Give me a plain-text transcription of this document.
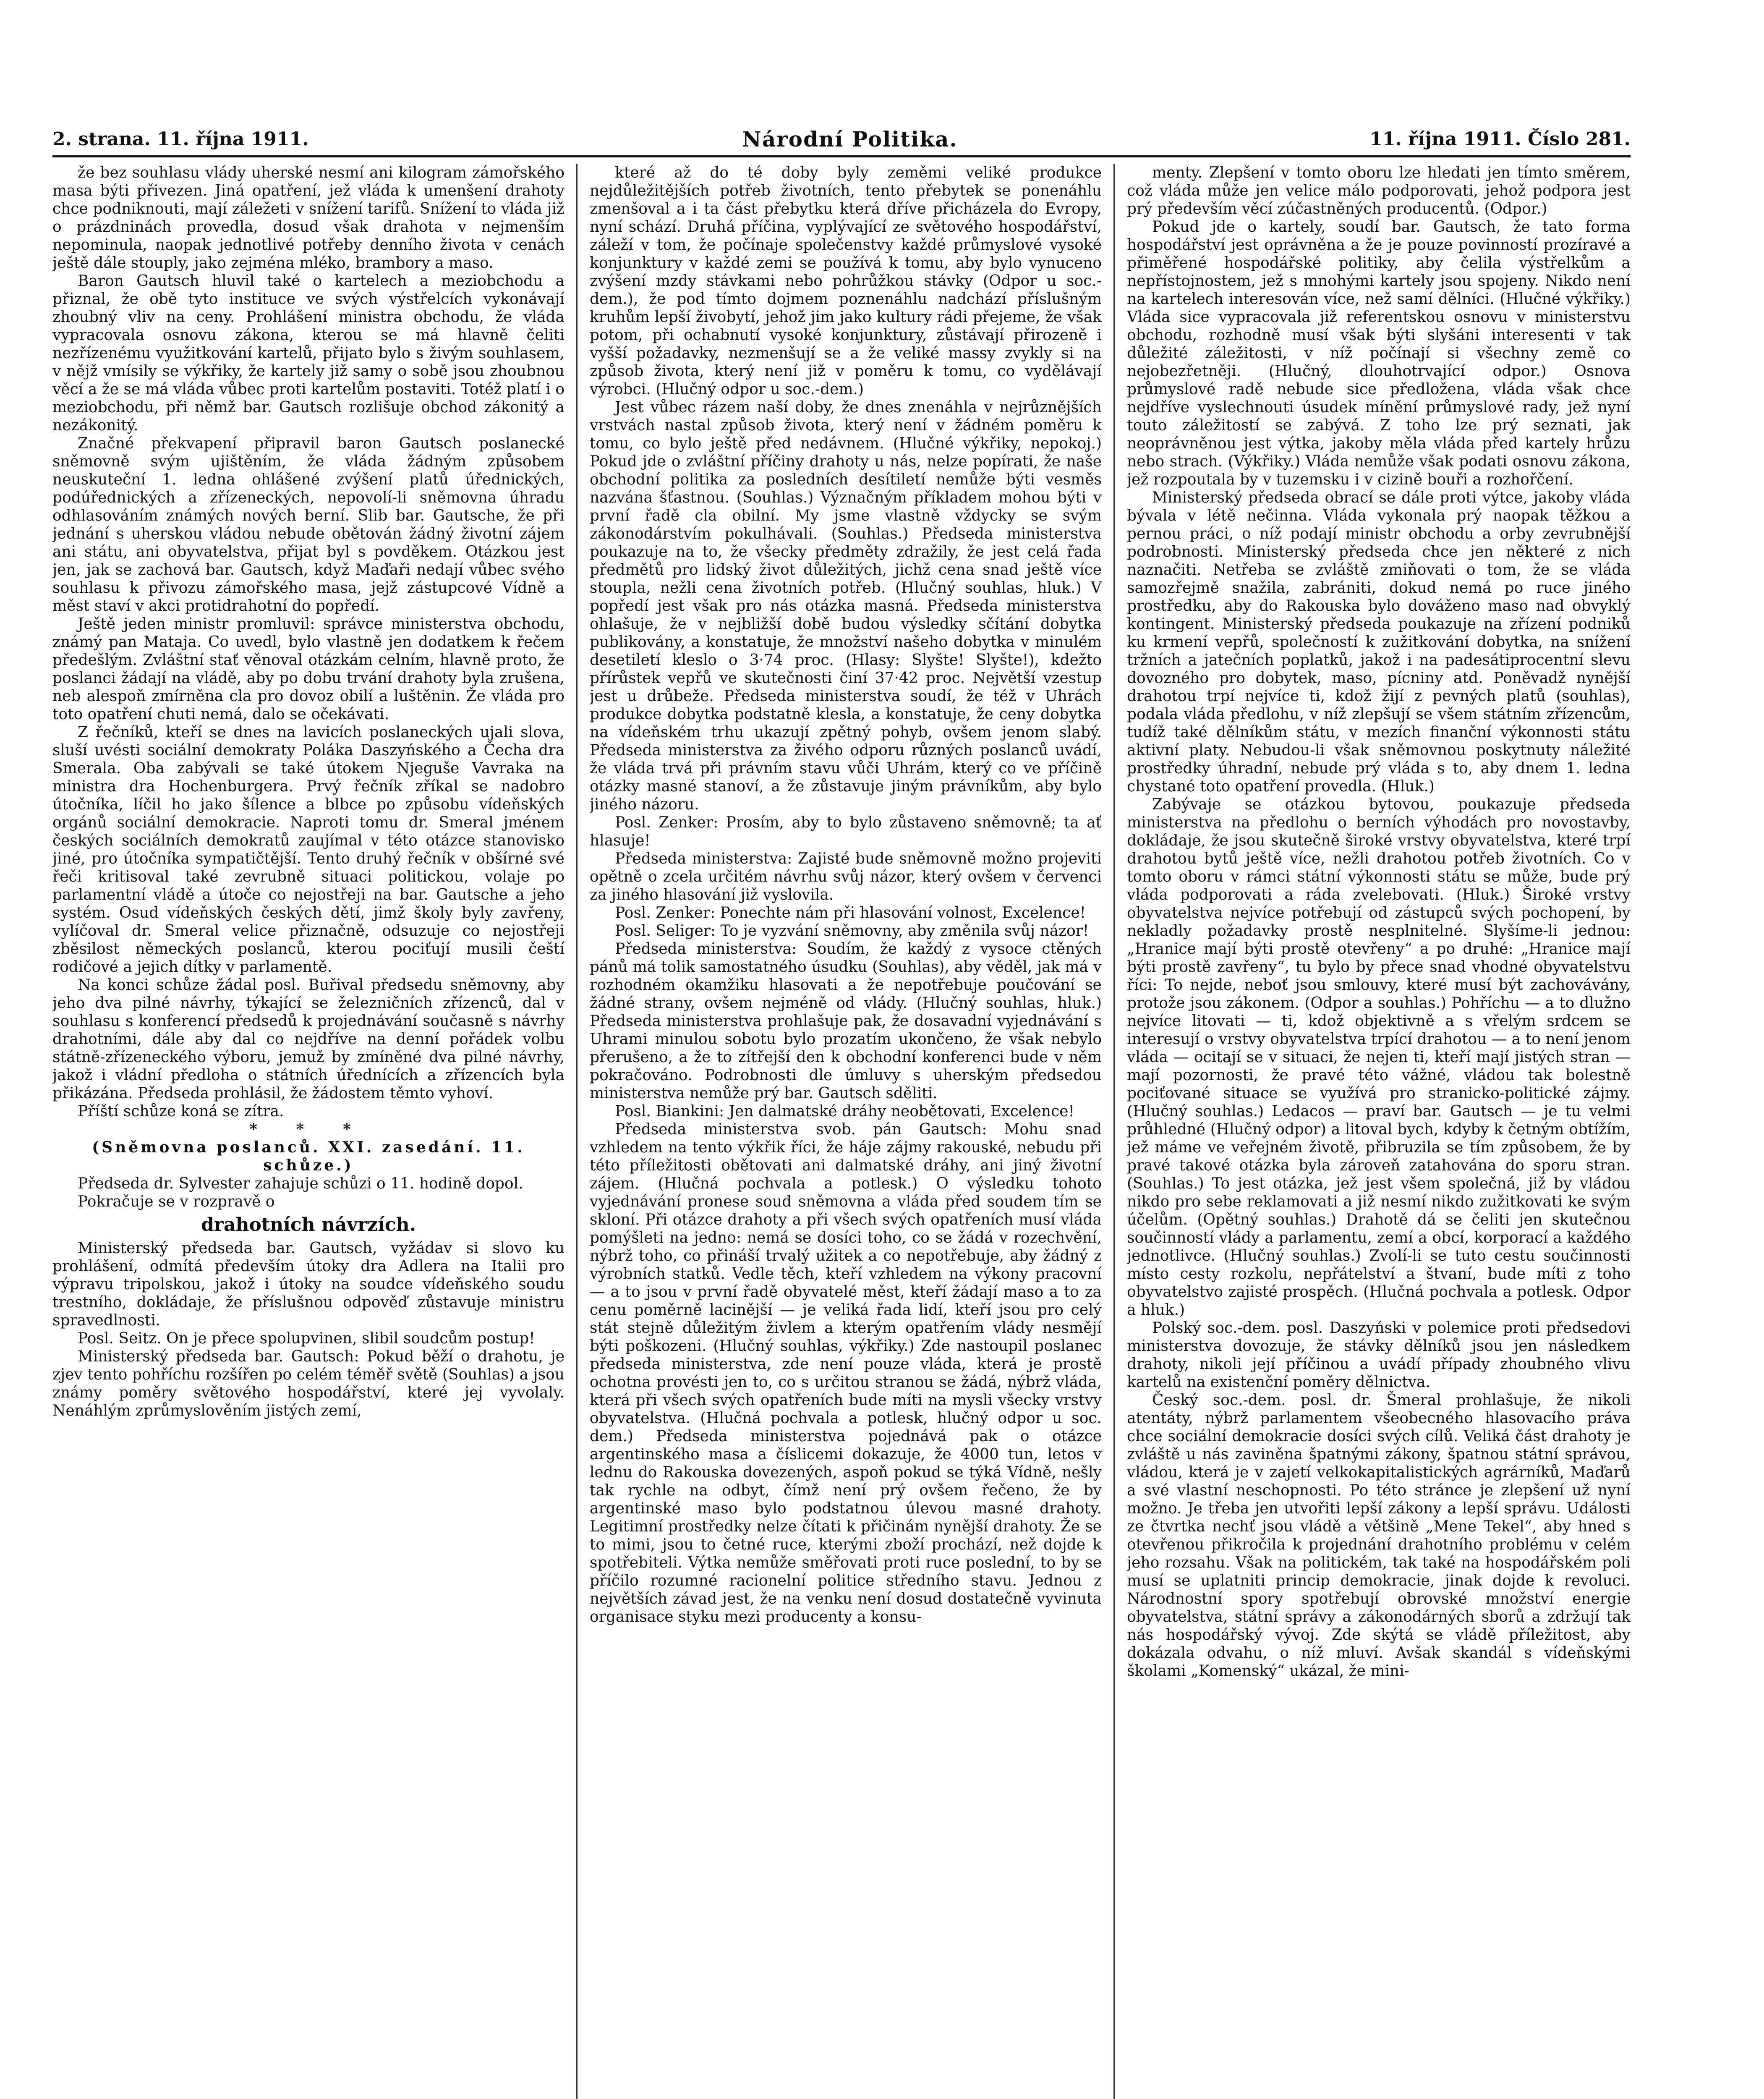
2. strana. 11. října 1911.	Národní Politika.	11. října 1911. Číslo 281.

že bez souhlasu vlády uherské nesmí ani kilogram zámořského masa býti přivezen. Jiná opatření, jež vláda k umenšení drahoty chce podniknouti, mají záležeti v snížení tarifů. Snížení to vláda již o prázdninách provedla, dosud však drahota v nejmenším nepominula, naopak jednotlivé potřeby denního života v cenách ještě dále stouply, jako zejména mléko, brambory a maso.

Baron Gautsch hluvil také o kartelech a meziobchodu a přiznal, že obě tyto instituce ve svých výstřelcích vykonávají zhoubný vliv na ceny. Prohlášení ministra obchodu, že vláda vypracovala osnovu zákona, kterou se má hlavně čeliti nezřízenému využitkování kartelů, přijato bylo s živým souhlasem, v nějž vmísily se výkřiky, že kartely již samy o sobě jsou zhoubnou věcí a že se má vláda vůbec proti kartelům postaviti. Totéž platí i o meziobchodu, při němž bar. Gautsch rozlišuje obchod zákonitý a nezákonitý.

Značné překvapení připravil baron Gautsch poslanecké sněmovně svým ujištěním, že vláda žádným způsobem neuskuteční 1. ledna ohlášené zvýšení platů úřednických, podúřednických a zřízeneckých, nepovolí-li sněmovna úhradu odhlasováním známých nových berní. Slib bar. Gautsche, že při jednání s uherskou vládou nebude obětován žádný životní zájem ani státu, ani obyvatelstva, přijat byl s povděkem. Otázkou jest jen, jak se zachová bar. Gautsch, když Maďaři nedají vůbec svého souhlasu k přivozu zámořského masa, jejž zástupcové Vídně a měst staví v akci protidrahotní do popředí.

Ještě jeden ministr promluvil: správce ministerstva obchodu, známý pan Mataja. Co uvedl, bylo vlastně jen dodatkem k řečem předešlým. Zvláštní stať věnoval otázkám celním, hlavně proto, že poslanci žádají na vládě, aby po dobu trvání drahoty byla zrušena, neb alespoň zmírněna cla pro dovoz obilí a luštěnin. Že vláda pro toto opatření chuti nemá, dalo se očekávati.

Z řečníků, kteří se dnes na lavicích poslaneckých ujali slova, sluší uvésti sociální demokraty Poláka Daszyńského a Čecha dra Smerala. Oba zabývali se také útokem Njeguše Vavraka na ministra dra Hochenburgera. Prvý řečník zříkal se nadobro útočníka, líčil ho jako šílence a blbce po způsobu vídeňských orgánů sociální demokracie. Naproti tomu dr. Smeral jménem českých sociálních demokratů zaujímal v této otázce stanovisko jiné, pro útočníka sympatičtější. Tento druhý řečník v obšírné své řeči kritisoval také zevrubně situaci politickou, volaje po parlamentní vládě a útoče co nejostřeji na bar. Gautsche a jeho systém. Osud vídeňských českých dětí, jimž školy byly zavřeny, vylíčoval dr. Smeral velice přiznačně, odsuzuje co nejostřeji zběsilost německých poslanců, kterou pociťují musili čeští rodičové a jejich dítky v parlamentě.

Na konci schůze žádal posl. Buřival předsedu sněmovny, aby jeho dva pilné návrhy, týkající se železničních zřízenců, dal v souhlasu s konferencí předsedů k projednávání současně s návrhy drahotními, dále aby dal co nejdříve na denní pořádek volbu státně-zřízeneckého výboru, jemuž by zmíněné dva pilné návrhy, jakož i vládní předloha o státních úřednících a zřízencích byla přikázána. Předseda prohlásil, že žádostem těmto vyhoví.

Příští schůze koná se zítra.

* * *

(Sněmovna poslanců. XXI. zasedání. 11. schůze.)

Předseda dr. Sylvester zahajuje schůzi o 11. hodině dopol.

Pokračuje se v rozpravě o

drahotních návrzích.

Ministerský předseda bar. Gautsch, vyžádav si slovo ku prohlášení, odmítá především útoky dra Adlera na Italii pro výpravu tripolskou, jakož i útoky na soudce vídeňského soudu trestního, dokládaje, že příslušnou odpověď zůstavuje ministru spravedlnosti.

Posl. Seitz. On je přece spolupvinen, slibil soudcům postup!

Ministerský předseda bar. Gautsch: Pokud běží o drahotu, je zjev tento pohříchu rozšířen po celém téměř světě (Souhlas) a jsou známy poměry světového hospodářství, které jej vyvolaly. Nenáhlým zprůmyslověním jistých zemí,

které až do té doby byly zeměmi veliké produkce nejdůležitějších potřeb životních, tento přebytek se ponenáhlu zmenšoval a i ta část přebytku která dříve přicházela do Evropy, nyní schází. Druhá příčina, vyplývající ze světového hospodářství, záleží v tom, že počínaje společenstvy každé průmyslové vysoké konjunktury v každé zemi se používá k tomu, aby bylo vynuceno zvýšení mzdy stávkami nebo pohrůžkou stávky (Odpor u soc.-dem.), že pod tímto dojmem poznenáhlu nadchází příslušným kruhům lepší živobytí, jehož jim jako kultury rádi přejeme, že však potom, při ochabnutí vysoké konjunktury, zůstávají přirozeně i vyšší požadavky, nezmenšují se a že veliké massy zvykly si na způsob života, který není již v poměru k tomu, co vydělávají výrobci. (Hlučný odpor u soc.-dem.)

Jest vůbec rázem naší doby, že dnes znenáhla v nejrůznějších vrstvách nastal způsob života, který není v žádném poměru k tomu, co bylo ještě před nedávnem. (Hlučné výkřiky, nepokoj.) Pokud jde o zvláštní příčiny drahoty u nás, nelze popírati, že naše obchodní politika za posledních desítiletí nemůže býti vesměs nazvána šťastnou. (Souhlas.) Význačným příkladem mohou býti v první řadě cla obilní. My jsme vlastně vždycky se svým zákonodárstvím pokulhávali. (Souhlas.) Předseda ministerstva poukazuje na to, že všecky předměty zdražily, že jest celá řada předmětů pro lidský život důležitých, jichž cena snad ještě více stoupla, nežli cena životních potřeb. (Hlučný souhlas, hluk.) V popředí jest však pro nás otázka masná. Předseda ministerstva ohlašuje, že v nejbližší době budou výsledky sčítání dobytka publikovány, a konstatuje, že množství našeho dobytka v minulém desetiletí kleslo o 3·74 proc. (Hlasy: Slyšte! Slyšte!), kdežto přírůstek vepřů ve skutečnosti činí 37·42 proc. Největší vzestup jest u drůbeže. Předseda ministerstva soudí, že též v Uhrách produkce dobytka podstatně klesla, a konstatuje, že ceny dobytka na vídeňském trhu ukazují zpětný pohyb, ovšem jenom slabý. Předseda ministerstva za živého odporu různých poslanců uvádí, že vláda trvá při právním stavu vůči Uhrám, který co ve příčině otázky masné stanoví, a že zůstavuje jiným právníkům, aby bylo jiného názoru.

Posl. Zenker: Prosím, aby to bylo zůstaveno sněmovně; ta ať hlasuje!

Předseda ministerstva: Zajisté bude sněmovně možno projeviti opětně o zcela určitém návrhu svůj názor, který ovšem v červenci za jiného hlasování již vyslovila.

Posl. Zenker: Ponechte nám při hlasování volnost, Excelence!

Posl. Seliger: To je vyzvání sněmovny, aby změnila svůj názor!

Předseda ministerstva: Soudím, že každý z vysoce ctěných pánů má tolik samostatného úsudku (Souhlas), aby věděl, jak má v rozhodném okamžiku hlasovati a že nepotřebuje poučování se žádné strany, ovšem nejméně od vlády. (Hlučný souhlas, hluk.) Předseda ministerstva prohlašuje pak, že dosavadní vyjednávání s Uhrami minulou sobotu bylo prozatím ukončeno, že však nebylo přerušeno, a že to zítřejší den k obchodní konferenci bude v něm pokračováno. Podrobnosti dle úmluvy s uherským předsedou ministerstva nemůže prý bar. Gautsch sděliti.

Posl. Biankini: Jen dalmatské dráhy neobětovati, Excelence!

Předseda ministerstva svob. pán Gautsch: Mohu snad vzhledem na tento výkřik říci, že háje zájmy rakouské, nebudu při této příležitosti obětovati ani dalmatské dráhy, ani jiný životní zájem. (Hlučná pochvala a potlesk.) O výsledku tohoto vyjednávání pronese soud sněmovna a vláda před soudem tím se skloní. Při otázce drahoty a při všech svých opatřeních musí vláda pomýšleti na jedno: nemá se dosíci toho, co se žádá v rozechvění, nýbrž toho, co přináší trvalý užitek a co nepotřebuje, aby žádný z výrobních statků. Vedle těch, kteří vzhledem na výkony pracovní — a to jsou v první řadě obyvatelé měst, kteří žádají maso a to za cenu poměrně lacinější — je veliká řada lidí, kteří jsou pro celý stát stejně důležitým živlem a kterým opatřením vlády nesmějí býti poškozeni. (Hlučný souhlas, výkřiky.) Zde nastoupil poslanec předseda ministerstva, zde není pouze vláda, která je prostě ochotna provésti jen to, co s určitou stranou se žádá, nýbrž vláda, která při všech svých opatřeních bude míti na mysli všecky vrstvy obyvatelstva. (Hlučná pochvala a potlesk, hlučný odpor u soc. dem.) Předseda ministerstva pojednává pak o otázce argentinského masa a číslicemi dokazuje, že 4000 tun, letos v lednu do Rakouska dovezených, aspoň pokud se týká Vídně, nešly tak rychle na odbyt, čímž není prý ovšem řečeno, že by argentinské maso bylo podstatnou úlevou masné drahoty. Legitimní prostředky nelze čítati k přičinám nynější drahoty. Že se to mimi, jsou to četné ruce, kterými zboží prochází, než dojde k spotřebiteli. Výtka nemůže směřovati proti ruce poslední, to by se příčilo rozumné racionelní politice středního stavu. Jednou z největších závad jest, že na venku není dosud dostatečně vyvinuta organisace styku mezi producenty a konsu-

menty. Zlepšení v tomto oboru lze hledati jen tímto směrem, což vláda může jen velice málo podporovati, jehož podpora jest prý především věcí zúčastněných producentů. (Odpor.)

Pokud jde o kartely, soudí bar. Gautsch, že tato forma hospodářství jest oprávněna a že je pouze povinností prozíravé a přiměřené hospodářské politiky, aby čelila výstřelkům a nepřístojnostem, jež s mnohými kartely jsou spojeny. Nikdo není na kartelech interesován více, než samí dělníci. (Hlučné výkřiky.) Vláda sice vypracovala již referentskou osnovu v ministerstvu obchodu, rozhodně musí však býti slyšáni interesenti v tak důležité záležitosti, v níž počínají si všechny země co nejobezřetněji. (Hlučný, dlouhotrvající odpor.) Osnova průmyslové radě nebude sice předložena, vláda však chce nejdříve vyslechnouti úsudek mínění průmyslové rady, jež nyní touto záležitostí se zabývá. Z toho lze prý seznati, jak neoprávněnou jest výtka, jakoby měla vláda před kartely hrůzu nebo strach. (Výkřiky.) Vláda nemůže však podati osnovu zákona, jež rozpoutala by v tuzemsku i v cizině bouři a rozhořčení.

Ministerský předseda obrací se dále proti výtce, jakoby vláda bývala v létě nečinna. Vláda vykonala prý naopak těžkou a pernou práci, o níž podají ministr obchodu a orby zevrubnější podrobnosti. Ministerský předseda chce jen některé z nich naznačiti. Netřeba se zvláště zmiňovati o tom, že se vláda samozřejmě snažila, zabrániti, dokud nemá po ruce jiného prostředku, aby do Rakouska bylo dováženo maso nad obvyklý kontingent. Ministerský předseda poukazuje na zřízení podniků ku krmení vepřů, společností k zužitkování dobytka, na snížení tržních a jatečních poplatků, jakož i na padesátiprocentní slevu dovozného pro dobytek, maso, pícniny atd. Poněvadž nynější drahotou trpí nejvíce ti, kdož žijí z pevných platů (souhlas), podala vláda předlohu, v níž zlepšují se všem státním zřízencům, tudíž také dělníkům státu, v mezích finanční výkonnosti státu aktivní platy. Nebudou-li však sněmovnou poskytnuty náležité prostředky úhradní, nebude prý vláda s to, aby dnem 1. ledna chystané toto opatření provedla. (Hluk.)

Zabývaje se otázkou bytovou, poukazuje předseda ministerstva na předlohu o berních výhodách pro novostavby, dokládaje, že jsou skutečně široké vrstvy obyvatelstva, které trpí drahotou bytů ještě více, nežli drahotou potřeb životních. Co v tomto oboru v rámci státní výkonnosti státu se může, bude prý vláda podporovati a ráda zvelebovati. (Hluk.) Široké vrstvy obyvatelstva nejvíce potřebují od zástupců svých pochopení, by nekladly požadavky prostě nesplnitelné. Slyšíme-li jednou: „Hranice mají býti prostě otevřeny“ a po druhé: „Hranice mají býti prostě zavřeny“, tu bylo by přece snad vhodné obyvatelstvu říci: To nejde, neboť jsou smlouvy, které musí být zachovávány, protože jsou zákonem. (Odpor a souhlas.) Pohříchu — a to dlužno nejvíce litovati — ti, kdož objektivně a s vřelým srdcem se interesují o vrstvy obyvatelstva trpící drahotou — a to není jenom vláda — ocitají se v situaci, že nejen ti, kteří mají jistých stran — mají pozornosti, že pravé této vážné, vládou tak bolestně pociťované situace se využívá pro stranicko-politické zájmy. (Hlučný souhlas.) Ledacos — praví bar. Gautsch — je tu velmi průhledné (Hlučný odpor) a litoval bych, kdyby k četným obtížím, jež máme ve veřejném životě, přibruzila se tím způsobem, že by pravé takové otázka byla zároveň zatahována do sporu stran. (Souhlas.) To jest otázka, jež jest všem společná, již by vládou nikdo pro sebe reklamovati a již nesmí nikdo zužitkovati ke svým účelům. (Opětný souhlas.) Drahotě dá se čeliti jen skutečnou součinností vlády a parlamentu, zemí a obcí, korporací a každého jednotlivce. (Hlučný souhlas.) Zvolí-li se tuto cestu součinnosti místo cesty rozkolu, nepřátelství a štvaní, bude míti z toho obyvatelstvo zajisté prospěch. (Hlučná pochvala a potlesk. Odpor a hluk.)

Polský soc.-dem. posl. Daszyński v polemice proti předsedovi ministerstva dovozuje, že stávky dělníků jsou jen následkem drahoty, nikoli její příčinou a uvádí případy zhoubného vlivu kartelů na existenční poměry dělnictva.

Český soc.-dem. posl. dr. Šmeral prohlašuje, že nikoli atentáty, nýbrž parlamentem všeobecného hlasovacího práva chce sociální demokracie dosíci svých cílů. Veliká část drahoty je zvláště u nás zaviněna špatnými zákony, špatnou státní správou, vládou, která je v zajetí velkokapitalistických agrárníků, Maďarů a své vlastní neschopnosti. Po této stránce je zlepšení už nyní možno. Je třeba jen utvořiti lepší zákony a lepší správu. Události ze čtvrtka nechť jsou vládě a většině „Mene Tekel“, aby hned s otevřenou přikročila k projednání drahotního problému v celém jeho rozsahu. Však na politickém, tak také na hospodářském poli musí se uplatniti princip demokracie, jinak dojde k revoluci. Národnostní spory spotřebují obrovské množství energie obyvatelstva, státní správy a zákonodárných sborů a zdržují tak nás hospodářský vývoj. Zde skýtá se vládě příležitost, aby dokázala odvahu, o níž mluví. Avšak skandál s vídeňskými školami „Komenský“ ukázal, že mini-
